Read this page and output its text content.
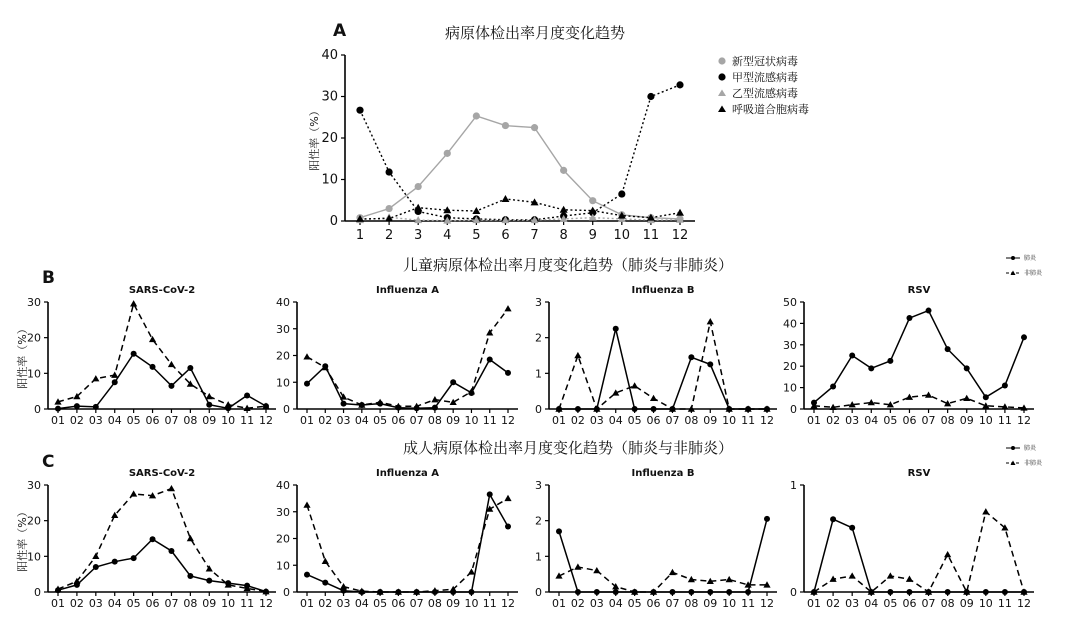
A	病原体检出率月度变化趋势
阳性率（%）
新型冠状病毒
甲型流感病毒
乙型流感病毒
呼吸道合胞病毒
B
儿童病原体检出率月度变化趋势（肺炎与非肺炎）
阳性率（%）
肺炎
非肺炎
C
成人病原体检出率月度变化趋势（肺炎与非肺炎）
阳性率（%）
肺炎
非肺炎
0
10
20
30
40
1 2 3 4 5 6 7 8 9 10 11 12
SARS-CoV-2
0
10
20
30
01 02 03 04 05 06 07 08 09 10 11 12
Influenza A
0
10
20
30
40
01 02 03 04 05 06 07 08 09 10 11 12
Influenza B
0
1
2
3
01 02 03 04 05 06 07 08 09 10 11 12
RSV
0
10
20
30
40
50
01 02 03 04 05 06 07 08 09 10 11 12
SARS-CoV-2
0
10
20
30
01 02 03 04 05 06 07 08 09 10 11 12
Influenza A
0
10
20
30
40
01 02 03 04 05 06 07 08 09 10 11 12
Influenza B
0
1
2
3
01 02 03 04 05 06 07 08 09 10 11 12
RSV
0
1
01 02 03 04 05 06 07 08 09 10 11 12
